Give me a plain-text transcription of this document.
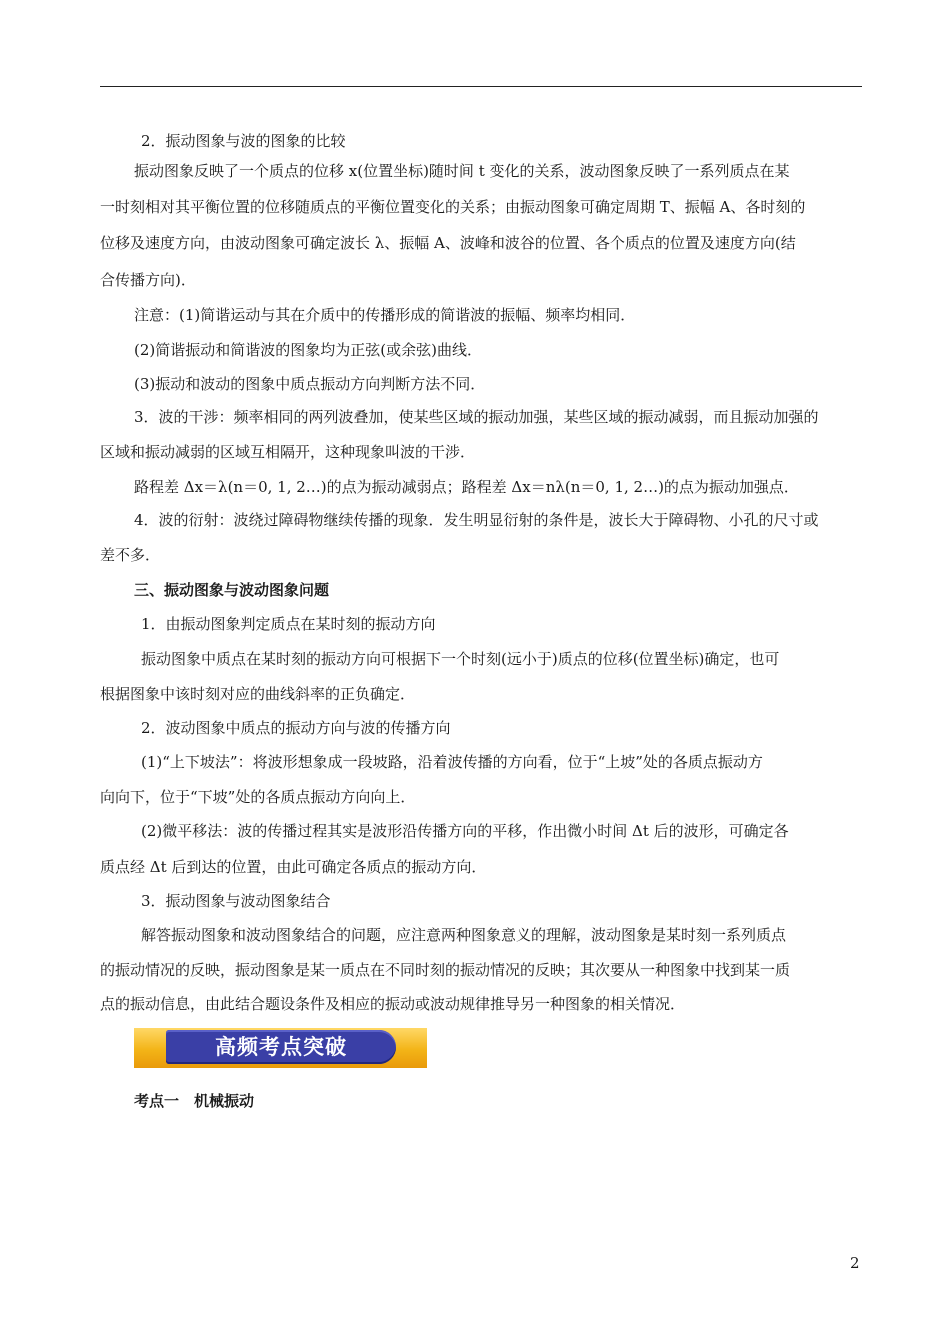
2．振动图象与波的图象的比较

振动图象反映了一个质点的位移 x(位置坐标)随时间 t 变化的关系，波动图象反映了一系列质点在某

一时刻相对其平衡位置的位移随质点的平衡位置变化的关系；由振动图象可确定周期 T、振幅 A、各时刻的

位移及速度方向，由波动图象可确定波长 λ、振幅 A、波峰和波谷的位置、各个质点的位置及速度方向(结

合传播方向)．

注意：(1)简谐运动与其在介质中的传播形成的简谐波的振幅、频率均相同．

(2)简谐振动和简谐波的图象均为正弦(或余弦)曲线．

(3)振动和波动的图象中质点振动方向判断方法不同．

3．波的干涉：频率相同的两列波叠加，使某些区域的振动加强，某些区域的振动减弱，而且振动加强的

区域和振动减弱的区域互相隔开，这种现象叫波的干涉．

路程差 Δx＝λ(n＝0, 1, 2…)的点为振动减弱点；路程差 Δx＝nλ(n＝0, 1, 2…)的点为振动加强点．

4．波的衍射：波绕过障碍物继续传播的现象．发生明显衍射的条件是，波长大于障碍物、小孔的尺寸或

差不多．

三、振动图象与波动图象问题

1．由振动图象判定质点在某时刻的振动方向

振动图象中质点在某时刻的振动方向可根据下一个时刻(远小于)质点的位移(位置坐标)确定，也可

根据图象中该时刻对应的曲线斜率的正负确定．

2．波动图象中质点的振动方向与波的传播方向

(1)“上下坡法”：将波形想象成一段坡路，沿着波传播的方向看，位于“上坡”处的各质点振动方

向向下，位于“下坡”处的各质点振动方向向上．

(2)微平移法：波的传播过程其实是波形沿传播方向的平移，作出微小时间 Δt 后的波形，可确定各

质点经 Δt 后到达的位置，由此可确定各质点的振动方向．

3．振动图象与波动图象结合

解答振动图象和波动图象结合的问题，应注意两种图象意义的理解，波动图象是某时刻一系列质点

的振动情况的反映，振动图象是某一质点在不同时刻的振动情况的反映；其次要从一种图象中找到某一质

点的振动信息，由此结合题设条件及相应的振动或波动规律推导另一种图象的相关情况．

高频考点突破

考点一　机械振动

2
